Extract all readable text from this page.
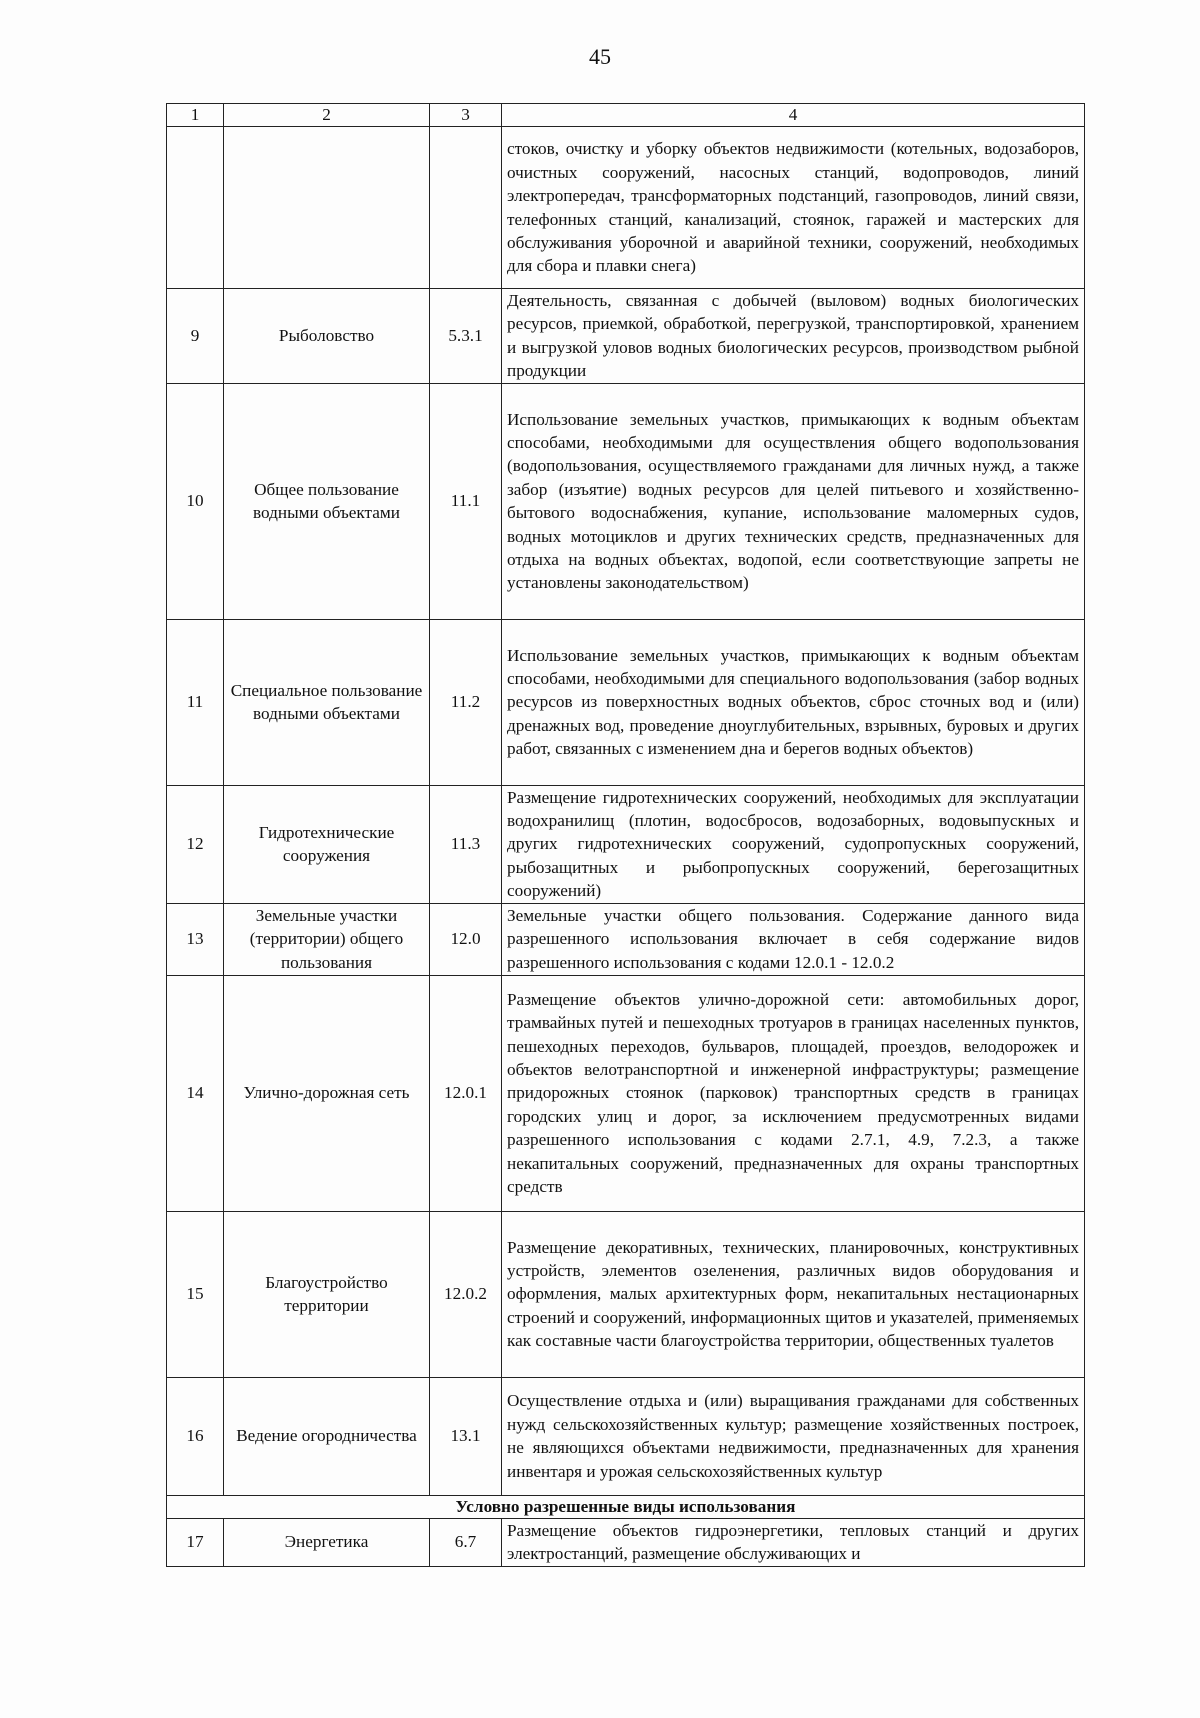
45
1	2	3	4
			стоков, очистку и уборку объектов недвижимости (котельных, водозаборов, очистных сооружений, насосных станций, водопроводов, линий электропередач, трансформаторных подстанций, газопроводов, линий связи, телефонных станций, канализаций, стоянок, гаражей и мастерских для обслуживания уборочной и аварийной техники, сооружений, необходимых для сбора и плавки снега)
9	Рыболовство	5.3.1	Деятельность, связанная с добычей (выловом) водных биологических ресурсов, приемкой, обработкой, перегрузкой, транспортировкой, хранением и выгрузкой уловов водных биологических ресурсов, производством рыбной продукции
10	Общее пользование водными объектами	11.1	Использование земельных участков, примыкающих к водным объектам способами, необходимыми для осуществления общего водопользования (водопользования, осуществляемого гражданами для личных нужд, а также забор (изъятие) водных ресурсов для целей питьевого и хозяйственно-бытового водоснабжения, купание, использование маломерных судов, водных мотоциклов и других технических средств, предназначенных для отдыха на водных объектах, водопой, если соответствующие запреты не установлены законодательством)
11	Специальное пользование водными объектами	11.2	Использование земельных участков, примыкающих к водным объектам способами, необходимыми для специального водопользования (забор водных ресурсов из поверхностных водных объектов, сброс сточных вод и (или) дренажных вод, проведение дноуглубительных, взрывных, буровых и других работ, связанных с изменением дна и берегов водных объектов)
12	Гидротехнические сооружения	11.3	Размещение гидротехнических сооружений, необходимых для эксплуатации водохранилищ (плотин, водосбросов, водозаборных, водовыпускных и других гидротехнических сооружений, судопропускных сооружений, рыбозащитных и рыбопропускных сооружений, берегозащитных сооружений)
13	Земельные участки (территории) общего пользования	12.0	Земельные участки общего пользования. Содержание данного вида разрешенного использования включает в себя содержание видов разрешенного использования с кодами 12.0.1 - 12.0.2
14	Улично-дорожная сеть	12.0.1	Размещение объектов улично-дорожной сети: автомобильных дорог, трамвайных путей и пешеходных тротуаров в границах населенных пунктов, пешеходных переходов, бульваров, площадей, проездов, велодорожек и объектов велотранспортной и инженерной инфраструктуры; размещение придорожных стоянок (парковок) транспортных средств в границах городских улиц и дорог, за исключением предусмотренных видами разрешенного использования с кодами 2.7.1, 4.9, 7.2.3, а также некапитальных сооружений, предназначенных для охраны транспортных средств
15	Благоустройство территории	12.0.2	Размещение декоративных, технических, планировочных, конструктивных устройств, элементов озеленения, различных видов оборудования и оформления, малых архитектурных форм, некапитальных нестационарных строений и сооружений, информационных щитов и указателей, применяемых как составные части благоустройства территории, общественных туалетов
16	Ведение огородничества	13.1	Осуществление отдыха и (или) выращивания гражданами для собственных нужд сельскохозяйственных культур; размещение хозяйственных построек, не являющихся объектами недвижимости, предназначенных для хранения инвентаря и урожая сельскохозяйственных культур
Условно разрешенные виды использования			
17	Энергетика	6.7	Размещение объектов гидроэнергетики, тепловых станций и других электростанций, размещение обслуживающих и
